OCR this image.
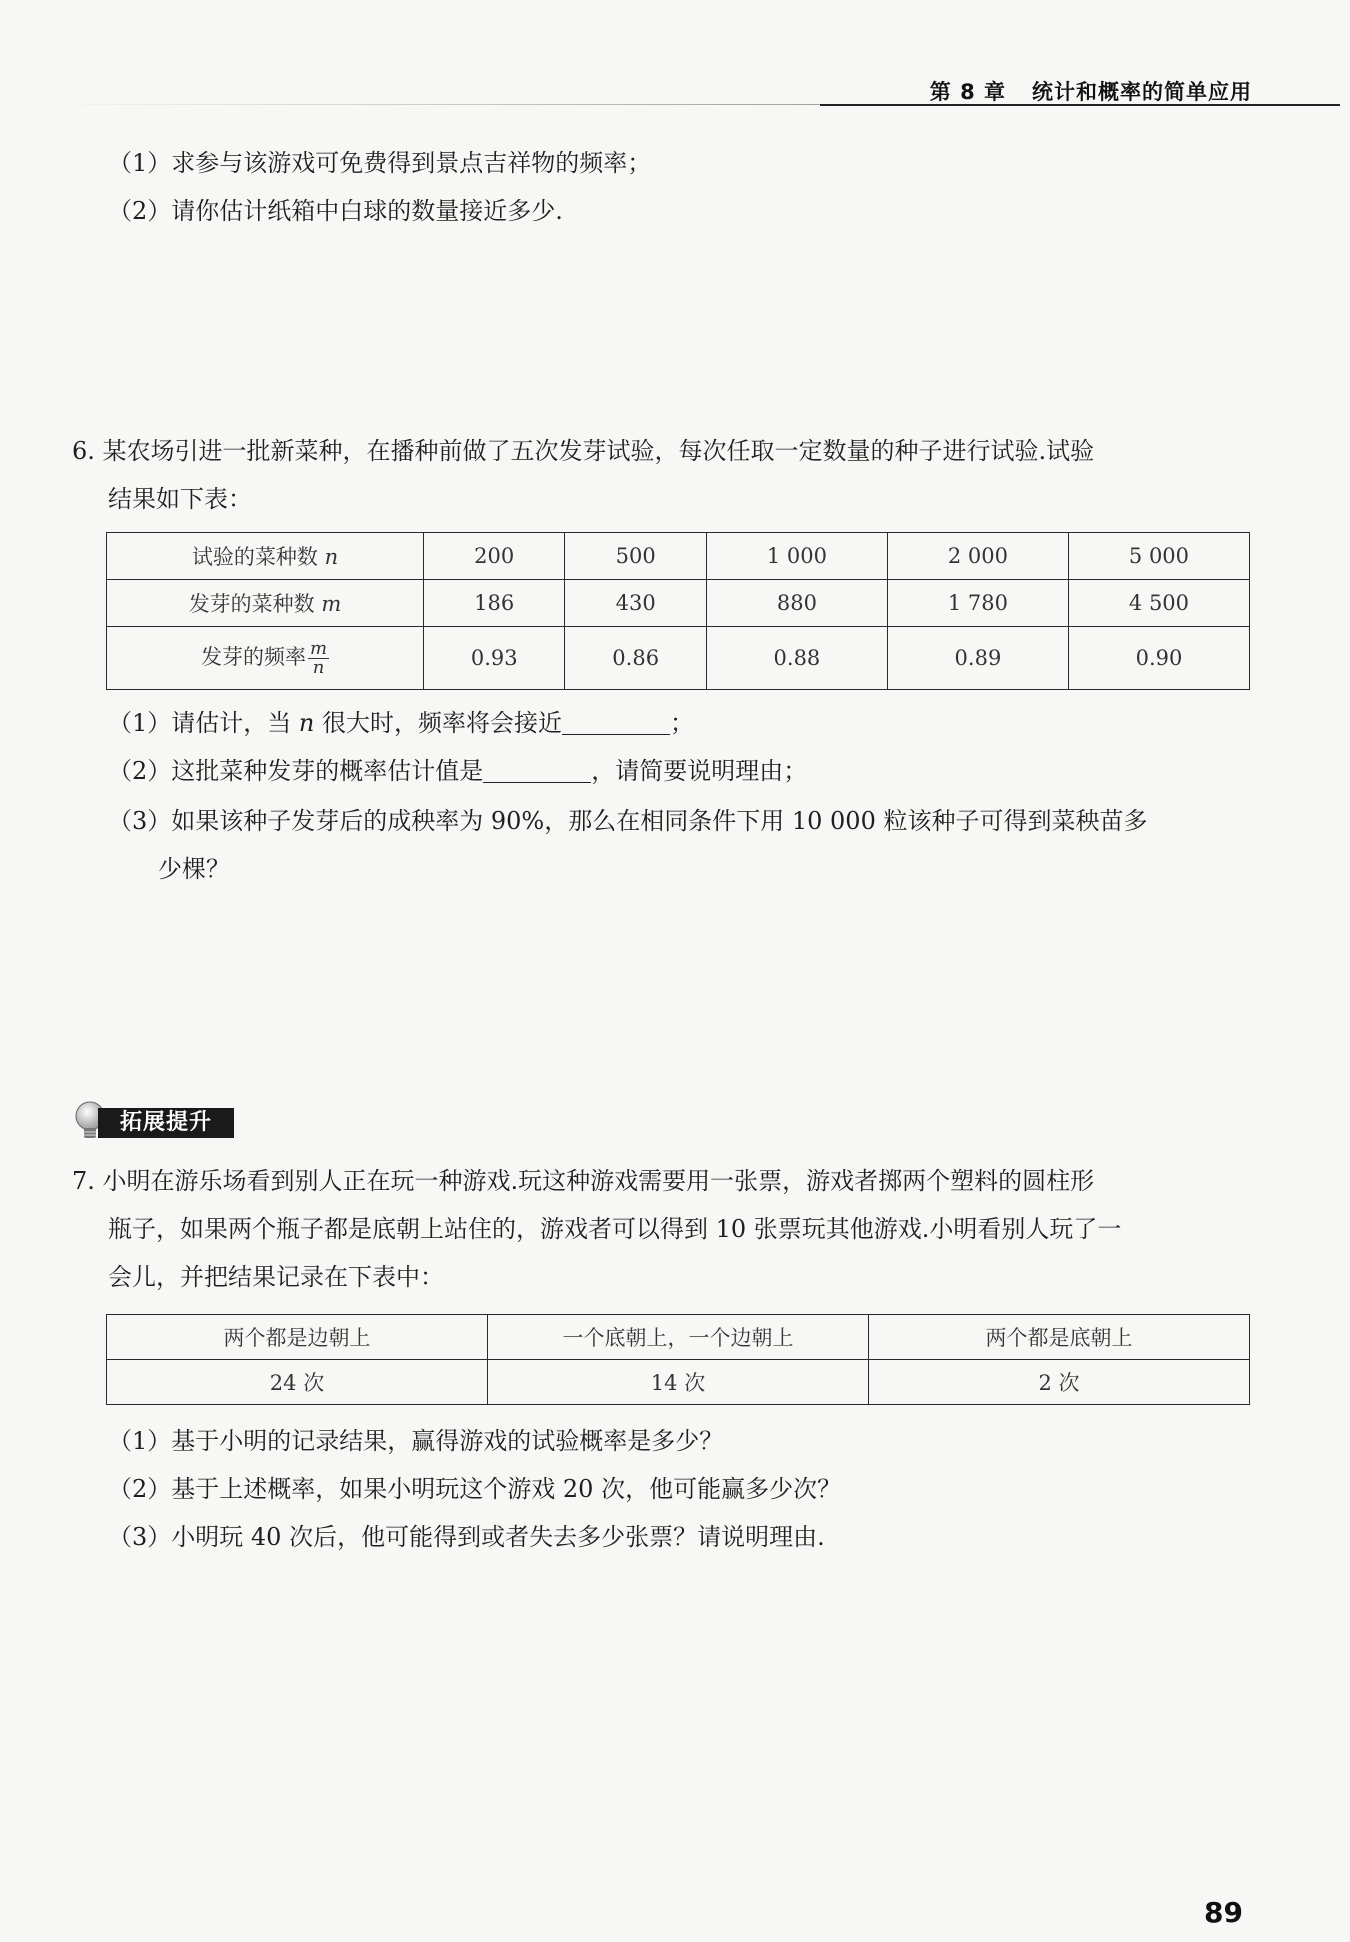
第 8 章 统计和概率的简单应用
（1）求参与该游戏可免费得到景点吉祥物的频率；
（2）请你估计纸箱中白球的数量接近多少.
6. 某农场引进一批新菜种，在播种前做了五次发芽试验，每次任取一定数量的种子进行试验.试验
结果如下表：
试验的菜种数 n	200	500	1 000	2 000	5 000
发芽的菜种数 m	186	430	880	1 780	4 500
发芽的频率 $\frac{m}{n}$	0.93	0.86	0.88	0.89	0.90
（1）请估计，当 n 很大时，频率将会接近	；
（2）这批菜种发芽的概率估计值是	，请简要说明理由；
（3）如果该种子发芽后的成秧率为 90%，那么在相同条件下用 10 000 粒该种子可得到菜秧苗多
少棵？
拓展提升
7. 小明在游乐场看到别人正在玩一种游戏.玩这种游戏需要用一张票，游戏者掷两个塑料的圆柱形
瓶子，如果两个瓶子都是底朝上站住的，游戏者可以得到 10 张票玩其他游戏.小明看别人玩了一
会儿，并把结果记录在下表中：
两个都是边朝上	一个底朝上，一个边朝上	两个都是底朝上
24 次	14 次	2 次
（1）基于小明的记录结果，赢得游戏的试验概率是多少？
（2）基于上述概率，如果小明玩这个游戏 20 次，他可能赢多少次？
（3）小明玩 40 次后，他可能得到或者失去多少张票？请说明理由.
89
